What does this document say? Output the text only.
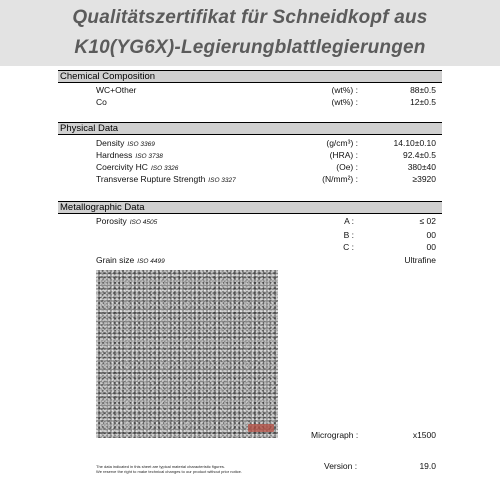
Qualitätszertifikat für Schneidkopf aus
K10(YG6X)-Legierungblattlegierungen
Chemical Composition
WC+Other	(wt%) :	88±0.5
Co	(wt%) :	12±0.5
Physical Data
Density ISO 3369	(g/cm³) :	14.10±0.10
Hardness ISO 3738	(HRA) :	92.4±0.5
Coercivity HC ISO 3326	(Oe) :	380±40
Transverse Rupture Strength ISO 3327	(N/mm²) :	≥3920
Metallographic Data
Porosity ISO 4505	A :	≤ 02
B :	00
C :	00
Grain size ISO 4499	Ultrafine
Micrograph :	x1500
The data indicated in this sheet are typical material characteristic figures.
We reserve the right to make technical changes to our product without prior notice.
Version :	19.0
